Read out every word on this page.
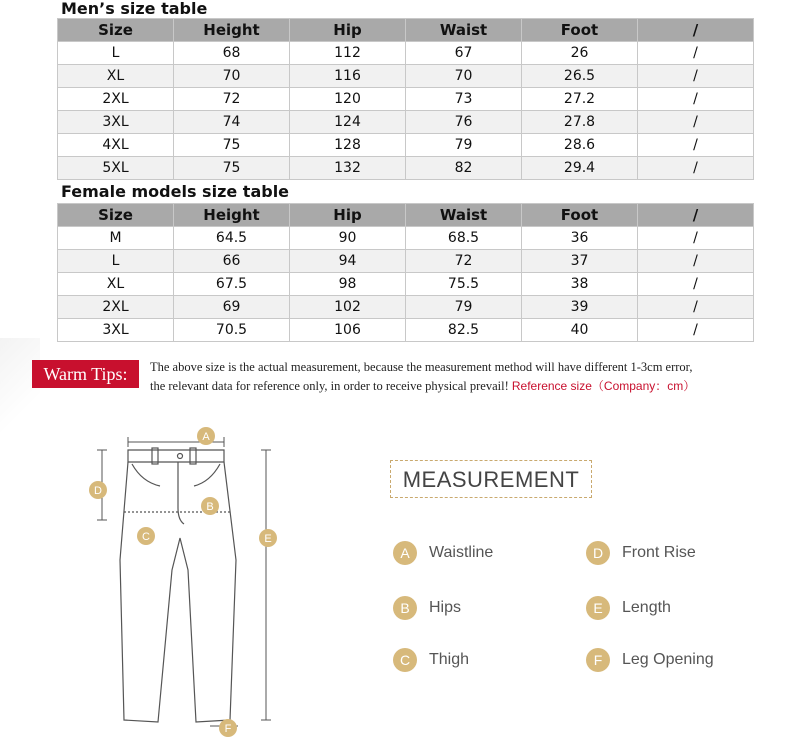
Men’s size table
Size	Height	Hip	Waist	Foot	/
L	68	112	67	26	/
XL	70	116	70	26.5	/
2XL	72	120	73	27.2	/
3XL	74	124	76	27.8	/
4XL	75	128	79	28.6	/
5XL	75	132	82	29.4	/
Female models size table
Size	Height	Hip	Waist	Foot	/
M	64.5	90	68.5	36	/
L	66	94	72	37	/
XL	67.5	98	75.5	38	/
2XL	69	102	79	39	/
3XL	70.5	106	82.5	40	/
Warm Tips:	The above size is the actual measurement, because the measurement method will have different 1-3cm error,
the relevant data for reference only, in order to receive physical prevail! Reference size（Company：cm）
A
B
C
D
E
F
MEASUREMENT
A	Waistline
B	Hips
C	Thigh
D	Front Rise
E	Length
F	Leg Opening
